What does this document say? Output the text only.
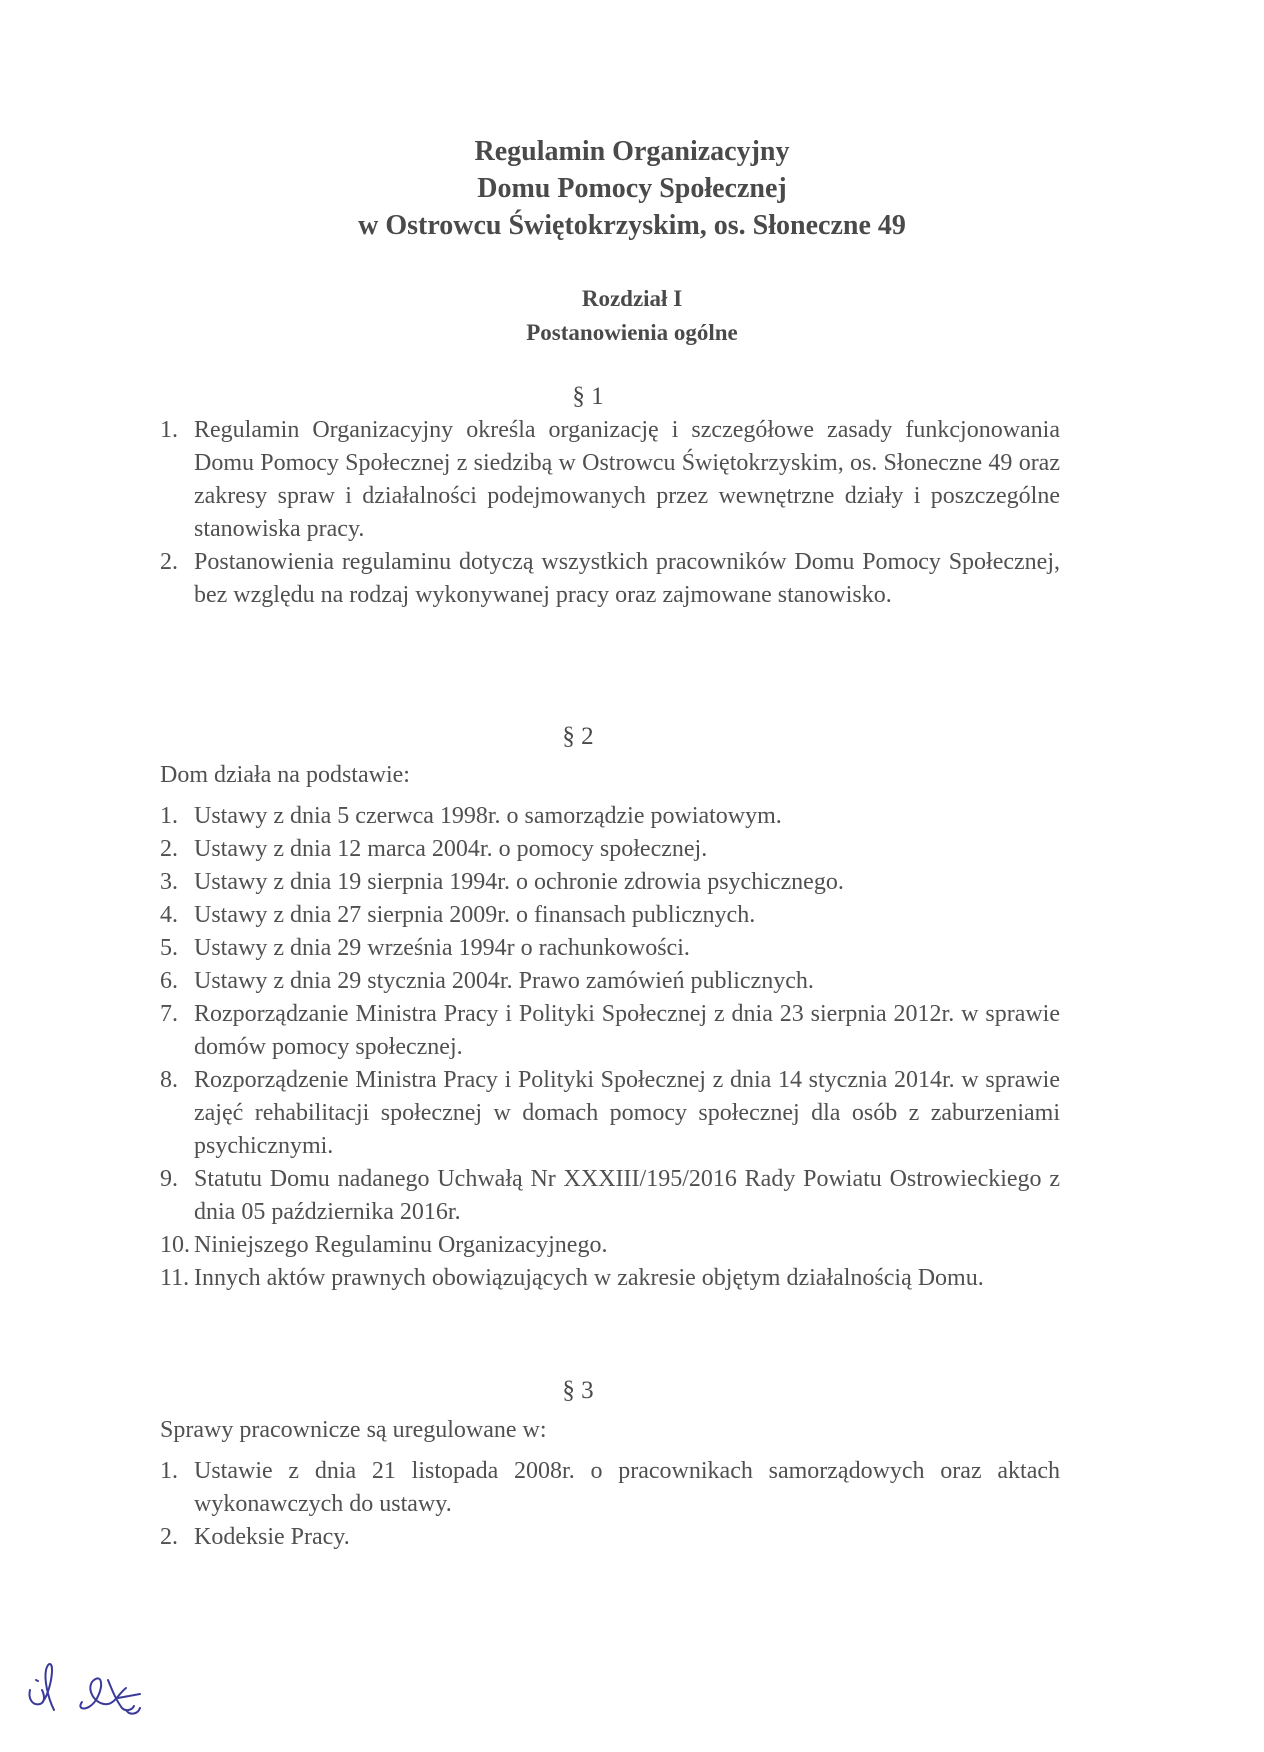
Regulamin Organizacyjny
Domu Pomocy Społecznej
w Ostrowcu Świętokrzyskim, os. Słoneczne 49
Rozdział I
Postanowienia ogólne
§ 1
1. Regulamin Organizacyjny określa organizację i szczegółowe zasady funkcjonowania Domu Pomocy Społecznej z siedzibą w Ostrowcu Świętokrzyskim, os. Słoneczne 49 oraz zakresy spraw i działalności podejmowanych przez wewnętrzne działy i poszczególne stanowiska pracy.
2. Postanowienia regulaminu dotyczą wszystkich pracowników Domu Pomocy Społecznej, bez względu na rodzaj wykonywanej pracy oraz zajmowane stanowisko.
§ 2

Dom działa na podstawie:

1. Ustawy z dnia 5 czerwca 1998r. o samorządzie powiatowym.
2. Ustawy z dnia 12 marca 2004r. o pomocy społecznej.
3. Ustawy z dnia 19 sierpnia 1994r. o ochronie zdrowia psychicznego.
4. Ustawy z dnia 27 sierpnia 2009r. o finansach publicznych.
5. Ustawy z dnia 29 września 1994r o rachunkowości.
6. Ustawy z dnia 29 stycznia 2004r. Prawo zamówień publicznych.
7. Rozporządzanie Ministra Pracy i Polityki Społecznej z dnia 23 sierpnia 2012r. w sprawie domów pomocy społecznej.
8. Rozporządzenie Ministra Pracy i Polityki Społecznej z dnia 14 stycznia 2014r. w sprawie zajęć rehabilitacji społecznej w domach pomocy społecznej dla osób z zaburzeniami psychicznymi.
9. Statutu Domu nadanego Uchwałą Nr XXXIII/195/2016 Rady Powiatu Ostrowieckiego z dnia 05 października 2016r.
10. Niniejszego Regulaminu Organizacyjnego.
11. Innych aktów prawnych obowiązujących w zakresie objętym działalnością Domu.
§ 3

Sprawy pracownicze są uregulowane w:

1. Ustawie z dnia 21 listopada 2008r. o pracownikach samorządowych oraz aktach wykonawczych do ustawy.
2. Kodeksie Pracy.
